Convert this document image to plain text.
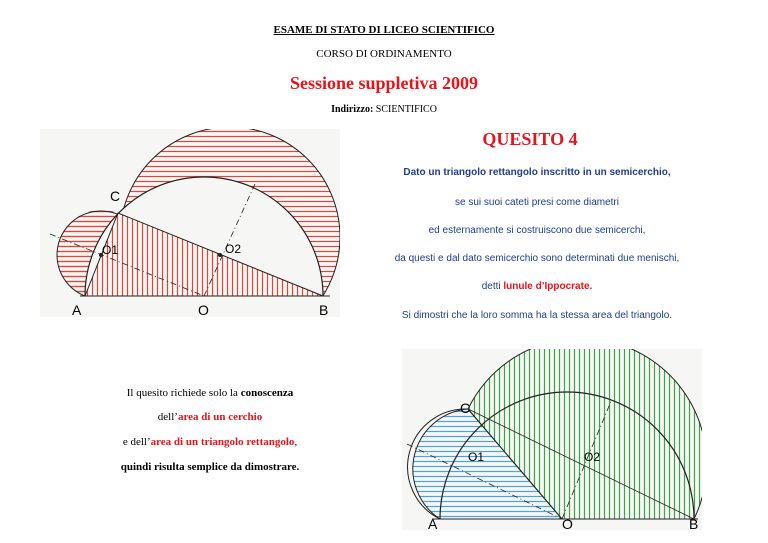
ESAME DI STATO DI LICEO SCIENTIFICO
CORSO DI ORDINAMENTO
Sessione suppletiva 2009
Indirizzo: SCIENTIFICO
QUESITO 4
Dato un triangolo rettangolo inscritto in un semicerchio,
se sui suoi cateti presi come diametri
ed esternamente si costruiscono due semicerchi,
da questi e dal dato semicerchio sono determinati due menischi,
detti lunule d’Ippocrate.
Si dimostri che la loro somma ha la stessa area del triangolo.
Il quesito richiede solo la conoscenza
dell’area di un cerchio
e dell’area di un triangolo rettangolo,
quindi risulta semplice da dimostrare.
C
A	O	B
O1	O2
C
A	O	B
O1	O2
